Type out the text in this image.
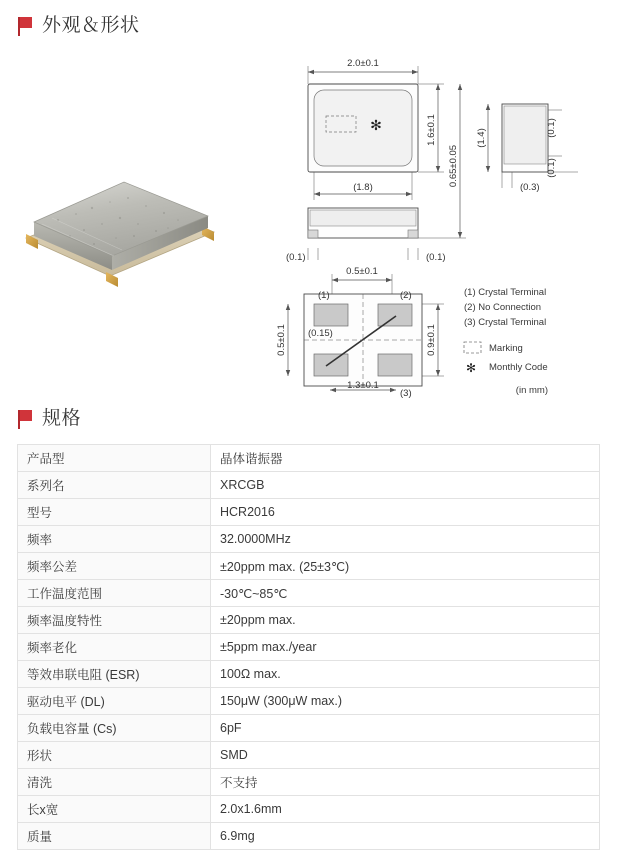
外观＆形状
2.0±0.1
✻	1.6±0.1
(1.8)
0.65±0.05
(0.1)	(0.1)
(1.4)
(0.1)
(0.1)
(0.3)
0.5±0.1
(1)	(2)
(3)
0.9±0.1
0.5±0.1 (0.15)
1.3±0.1
(1) Crystal Terminal
(2) No Connection
(3) Crystal Terminal
Marking
✻ Monthly Code
(in mm)
规格
产品型	晶体谐振器
系列名	XRCGB
型号	HCR2016
频率	32.0000MHz
频率公差	±20ppm max. (25±3℃)
工作温度范围	-30℃~85℃
频率温度特性	±20ppm max.
频率老化	±5ppm max./year
等效串联电阻 (ESR)	100Ω max.
驱动电平 (DL)	150μW (300μW max.)
负载电容量 (Cs)	6pF
形状	SMD
清洗	不支持
长x宽	2.0x1.6mm
质量	6.9mg
